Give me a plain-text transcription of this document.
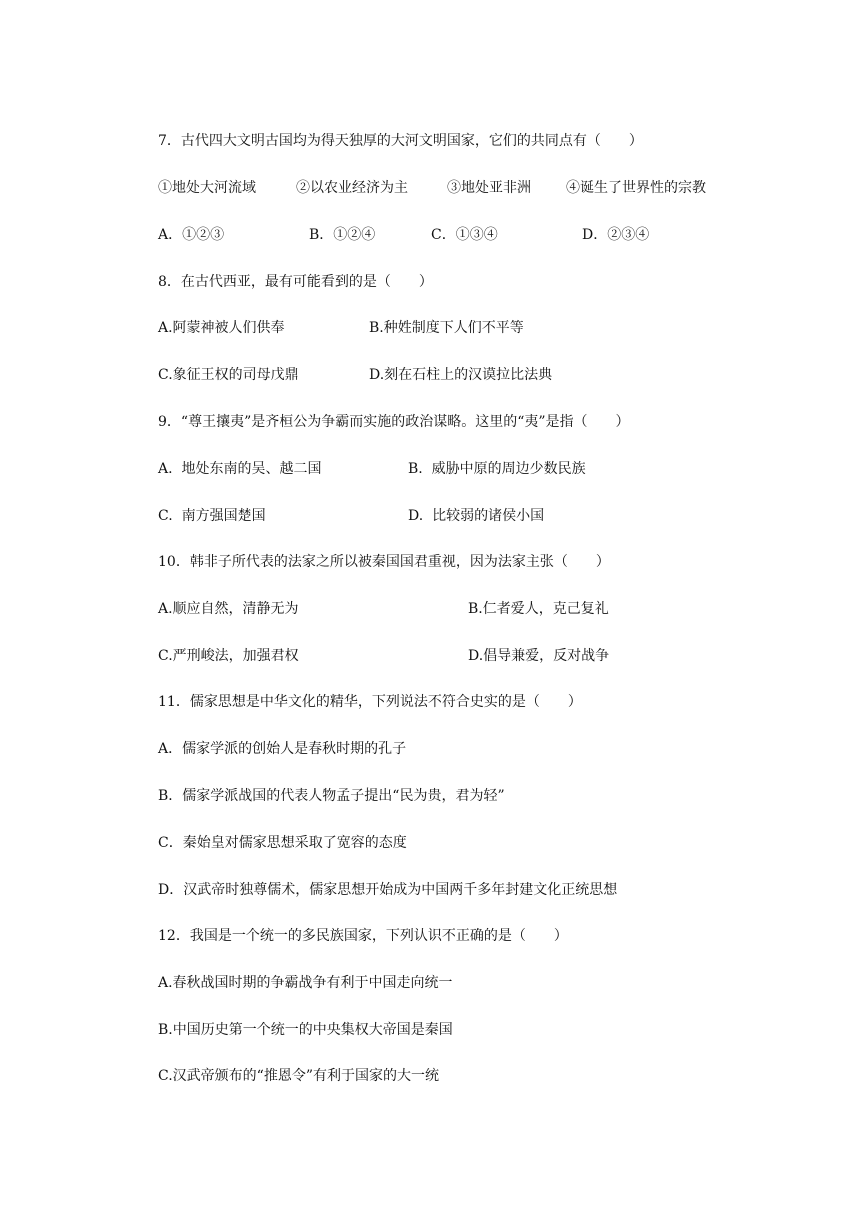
7．古代四大文明古国均为得天独厚的大河文明国家，它们的共同点有（　　）
①地处大河流域	②以农业经济为主	③地处亚非洲	④诞生了世界性的宗教
A．①②③	B．①②④	C．①③④	D．②③④
8．在古代西亚，最有可能看到的是（　　）
A.阿蒙神被人们供奉	B.种姓制度下人们不平等
C.象征王权的司母戊鼎	D.刻在石柱上的汉谟拉比法典
9．“尊王攘夷”是齐桓公为争霸而实施的政治谋略。这里的“夷”是指（　　）
A.  地处东南的吴、越二国	B.  威胁中原的周边少数民族
C.  南方强国楚国	D.  比较弱的诸侯小国
10．韩非子所代表的法家之所以被秦国国君重视，因为法家主张（　　）
A.顺应自然，清静无为	B.仁者爱人，克己复礼
C.严刑峻法，加强君权	D.倡导兼爱，反对战争
11．儒家思想是中华文化的精华，下列说法不符合史实的是（　　）
A．儒家学派的创始人是春秋时期的孔子
B．儒家学派战国的代表人物孟子提出“民为贵，君为轻”
C．秦始皇对儒家思想采取了宽容的态度
D．汉武帝时独尊儒术，儒家思想开始成为中国两千多年封建文化正统思想
12．我国是一个统一的多民族国家，下列认识不正确的是（　　）
A.春秋战国时期的争霸战争有利于中国走向统一
B.中国历史第一个统一的中央集权大帝国是秦国
C.汉武帝颁布的“推恩令”有利于国家的大一统
